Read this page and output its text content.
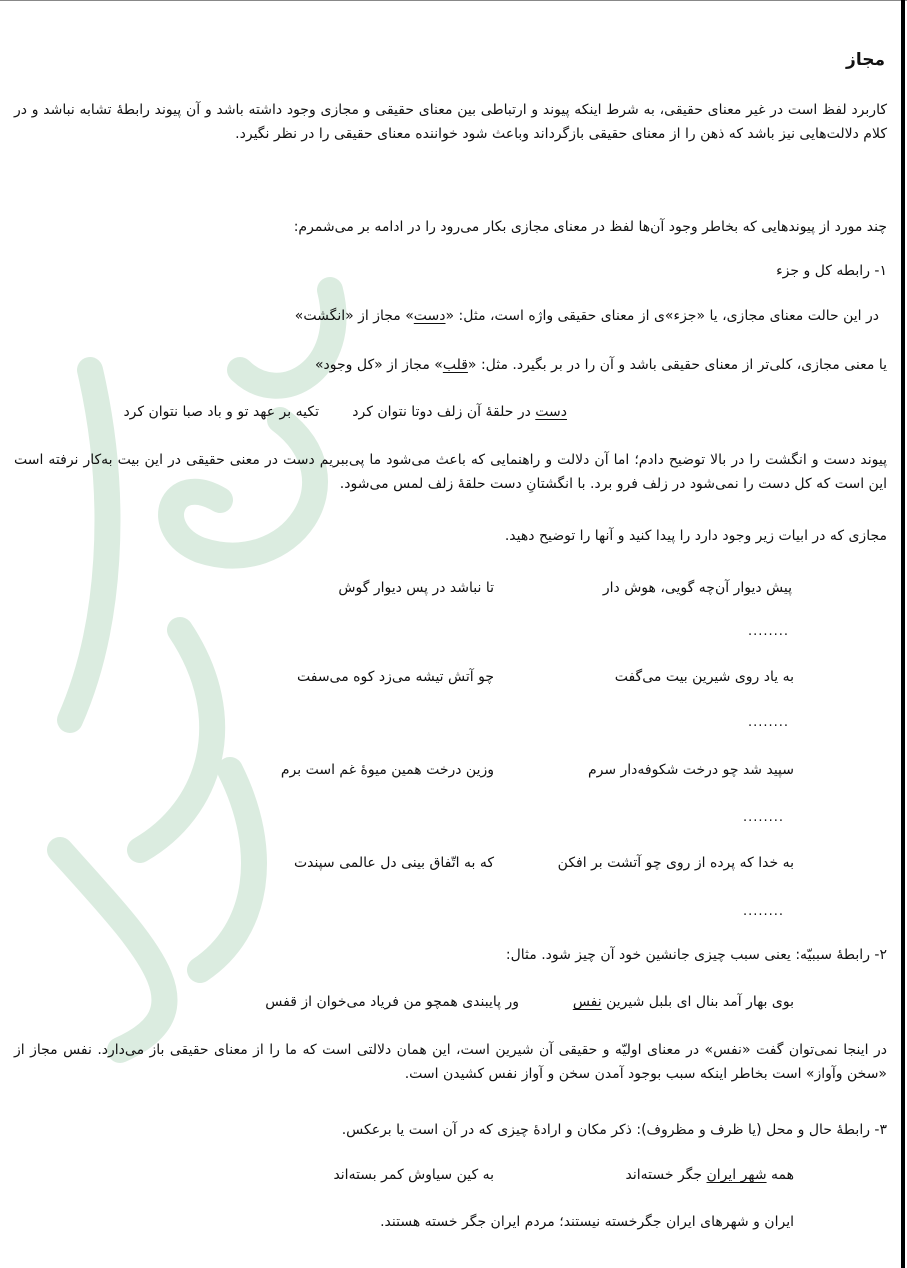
مجاز
کاربرد لفظ است در غیر معنای حقیقی، به شرط اینکه پیوند و ارتباطی بین معنای حقیقی و مجازی وجود داشته باشد و آن پیوند رابطهٔ تشابه نباشد و در کلام دلالت‌هایی نیز باشد که ذهن را از معنای حقیقی بازگرداند وباعث شود خواننده معنای حقیقی را در نظر نگیرد.
چند مورد از پیوندهایی که بخاطر وجود آن‌ها لفظ در معنای مجازی بکار می‌رود را در ادامه بر می‌شمرم:
۱- رابطه کل و جزء
در این حالت معنای مجازی، یا «جزء»ی از معنای حقیقی واژه است، مثل: «دست» مجاز از «انگشت»
یا معنی مجازی، کلی‌تر از معنای حقیقی باشد و آن را در بر بگیرد. مثل: «قلب» مجاز از «کل وجود»
دست در حلقهٔ آن زلف دوتا نتوان کرد
تکیه بر عهد تو و باد صبا نتوان کرد
پیوند دست و انگشت را در بالا توضیح دادم؛ اما آن دلالت و راهنمایی که باعث می‌شود ما پی‌ببریم دست در معنی حقیقی در این بیت به‌کار نرفته است این است که کل دست را نمی‌شود در زلف فرو برد. با انگشتانِ دست حلقهٔ زلف لمس می‌شود.
مجازی که در ابیات زیر وجود دارد را پیدا کنید و آنها را توضیح دهید.
پیش دیوار آن‌چه گویی، هوش دار
تا نباشد در پس دیوار گوش
........
به یاد روی شیرین بیت می‌گفت
چو آتش تیشه می‌زد کوه می‌سفت
........
سپید شد چو درخت شکوفه‌دار سرم
وزین درخت همین میوهٔ غم است برم
........
به خدا که پرده از روی چو آتشت بر افکن
که به اتّفاق بینی دل عالمی سپندت
........
۲- رابطهٔ سببیّه: یعنی سبب چیزی جانشین خود آن چیز شود. مثال:
بوی بهار آمد بنال ای بلبل شیرین نفس
ور پایبندی همچو من فریاد می‌خوان از قفس
در اینجا نمی‌توان گفت «نفس» در معنای اولیّه و حقیقی آن شیرین است، این همان دلالتی است که ما را از معنای حقیقی باز می‌دارد. نفس مجاز از «سخن وآواز» است بخاطر اینکه سبب بوجود آمدن سخن و آواز نفس کشیدن است.
۳- رابطهٔ حال و محل (یا ظرف و مظروف): ذکر مکان و ارادهٔ چیزی که در آن است یا برعکس.
همه شهر ایران جگر خسته‌اند
به کین سیاوش کمر بسته‌اند
ایران و شهرهای ایران جگرخسته نیستند؛ مردم ایران جگر خسته هستند.
